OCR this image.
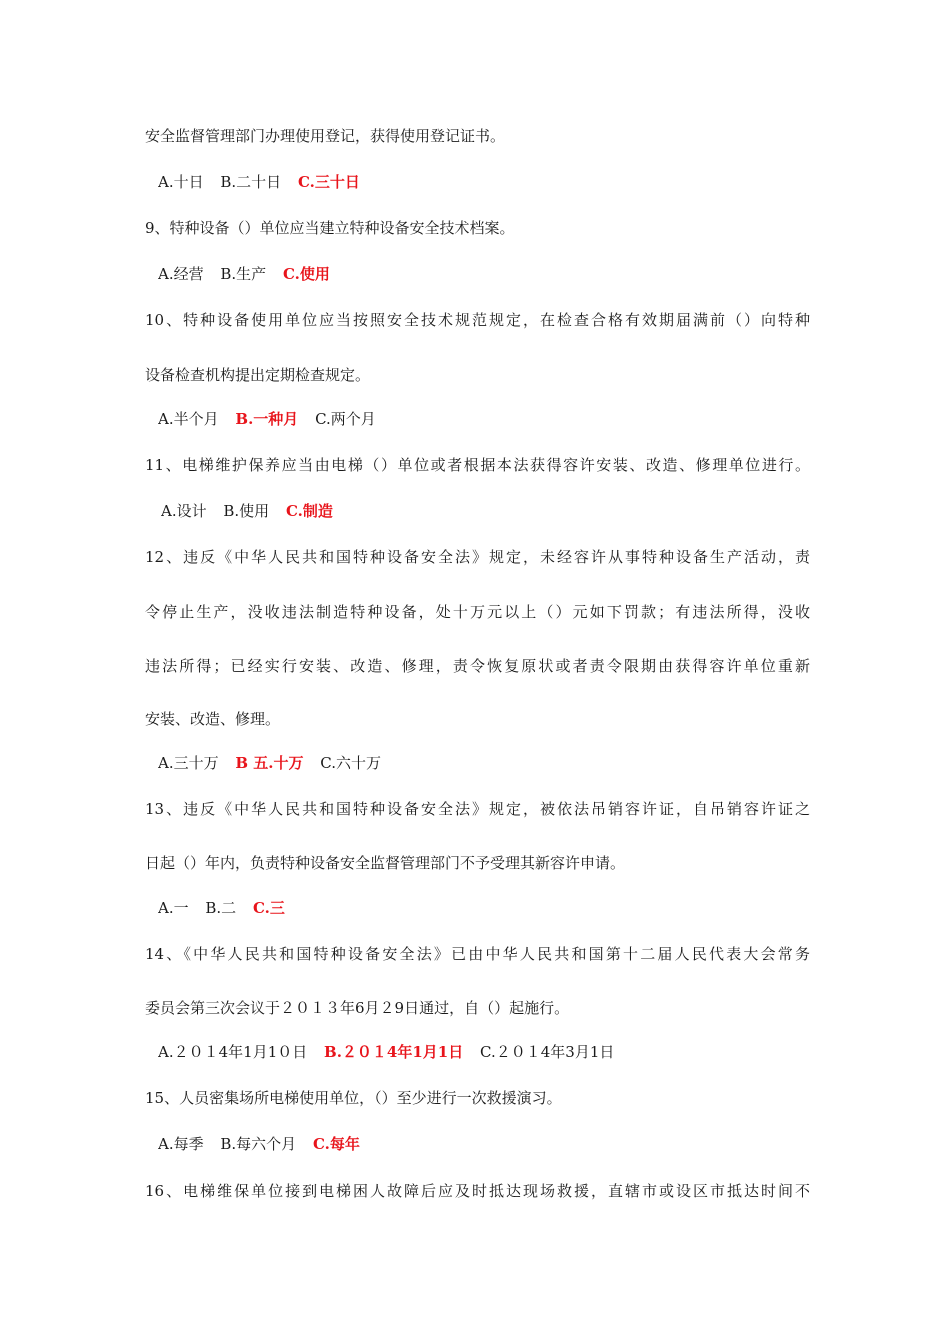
安全监督管理部门办理使用登记，获得使用登记证书。
A.十日 B.二十日 C.三十日
9、特种设备（）单位应当建立特种设备安全技术档案。
A.经营 B.生产 C.使用
10、特种设备使用单位应当按照安全技术规范规定，在检查合格有效期届满前（）向特种
设备检查机构提出定期检查规定。
A.半个月 B.一种月 C.两个月
11、电梯维护保养应当由电梯（）单位或者根据本法获得容许安装、改造、修理单位进行。
A.设计 B.使用 C.制造
12、违反《中华人民共和国特种设备安全法》规定，未经容许从事特种设备生产活动，责
令停止生产，没收违法制造特种设备，处十万元以上（）元如下罚款；有违法所得，没收
违法所得；已经实行安装、改造、修理，责令恢复原状或者责令限期由获得容许单位重新
安装、改造、修理。
A.三十万 B 五.十万 C.六十万
13、违反《中华人民共和国特种设备安全法》规定，被依法吊销容许证，自吊销容许证之
日起（）年内，负责特种设备安全监督管理部门不予受理其新容许申请。
A.一 B.二 C.三
14、《中华人民共和国特种设备安全法》已由中华人民共和国第十二届人民代表大会常务
委员会第三次会议于２０１３年6月２9日通过，自（）起施行。
A.２０１4年1月1０日 B.２０１4年1月1日 C.２０１4年3月1日
15、人员密集场所电梯使用单位，（）至少进行一次救援演习。
A.每季 B.每六个月 C.每年
16、电梯维保单位接到电梯困人故障后应及时抵达现场救援，直辖市或设区市抵达时间不
